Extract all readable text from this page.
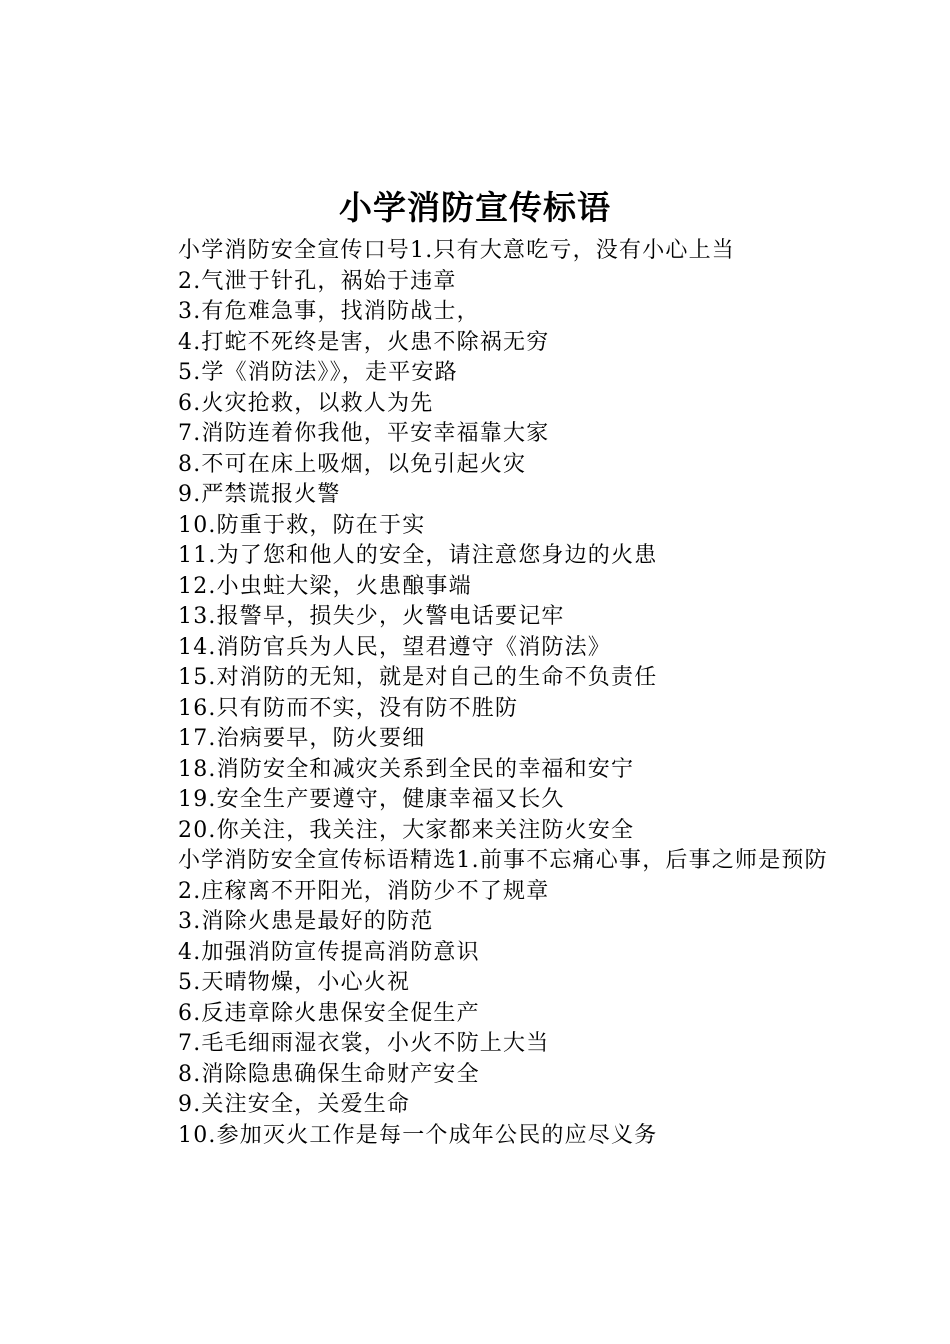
小学消防宣传标语

小学消防安全宣传口号1.只有大意吃亏，没有小心上当

2.气泄于针孔，祸始于违章

3.有危难急事，找消防战士，

4.打蛇不死终是害，火患不除祸无穷

5.学《消防法》》，走平安路

6.火灾抢救，以救人为先

7.消防连着你我他，平安幸福靠大家

8.不可在床上吸烟，以免引起火灾

9.严禁谎报火警

10.防重于救，防在于实

11.为了您和他人的安全，请注意您身边的火患

12.小虫蛀大梁，火患酿事端

13.报警早，损失少，火警电话要记牢

14.消防官兵为人民，望君遵守《消防法》

15.对消防的无知，就是对自己的生命不负责任

16.只有防而不实，没有防不胜防

17.治病要早，防火要细

18.消防安全和减灾关系到全民的幸福和安宁

19.安全生产要遵守，健康幸福又长久

20.你关注，我关注，大家都来关注防火安全

小学消防安全宣传标语精选1.前事不忘痛心事，后事之师是预防

2.庄稼离不开阳光，消防少不了规章

3.消除火患是最好的防范

4.加强消防宣传提高消防意识

5.天晴物燥，小心火祝

6.反违章除火患保安全促生产

7.毛毛细雨湿衣裳，小火不防上大当

8.消除隐患确保生命财产安全

9.关注安全，关爱生命

10.参加灭火工作是每一个成年公民的应尽义务
